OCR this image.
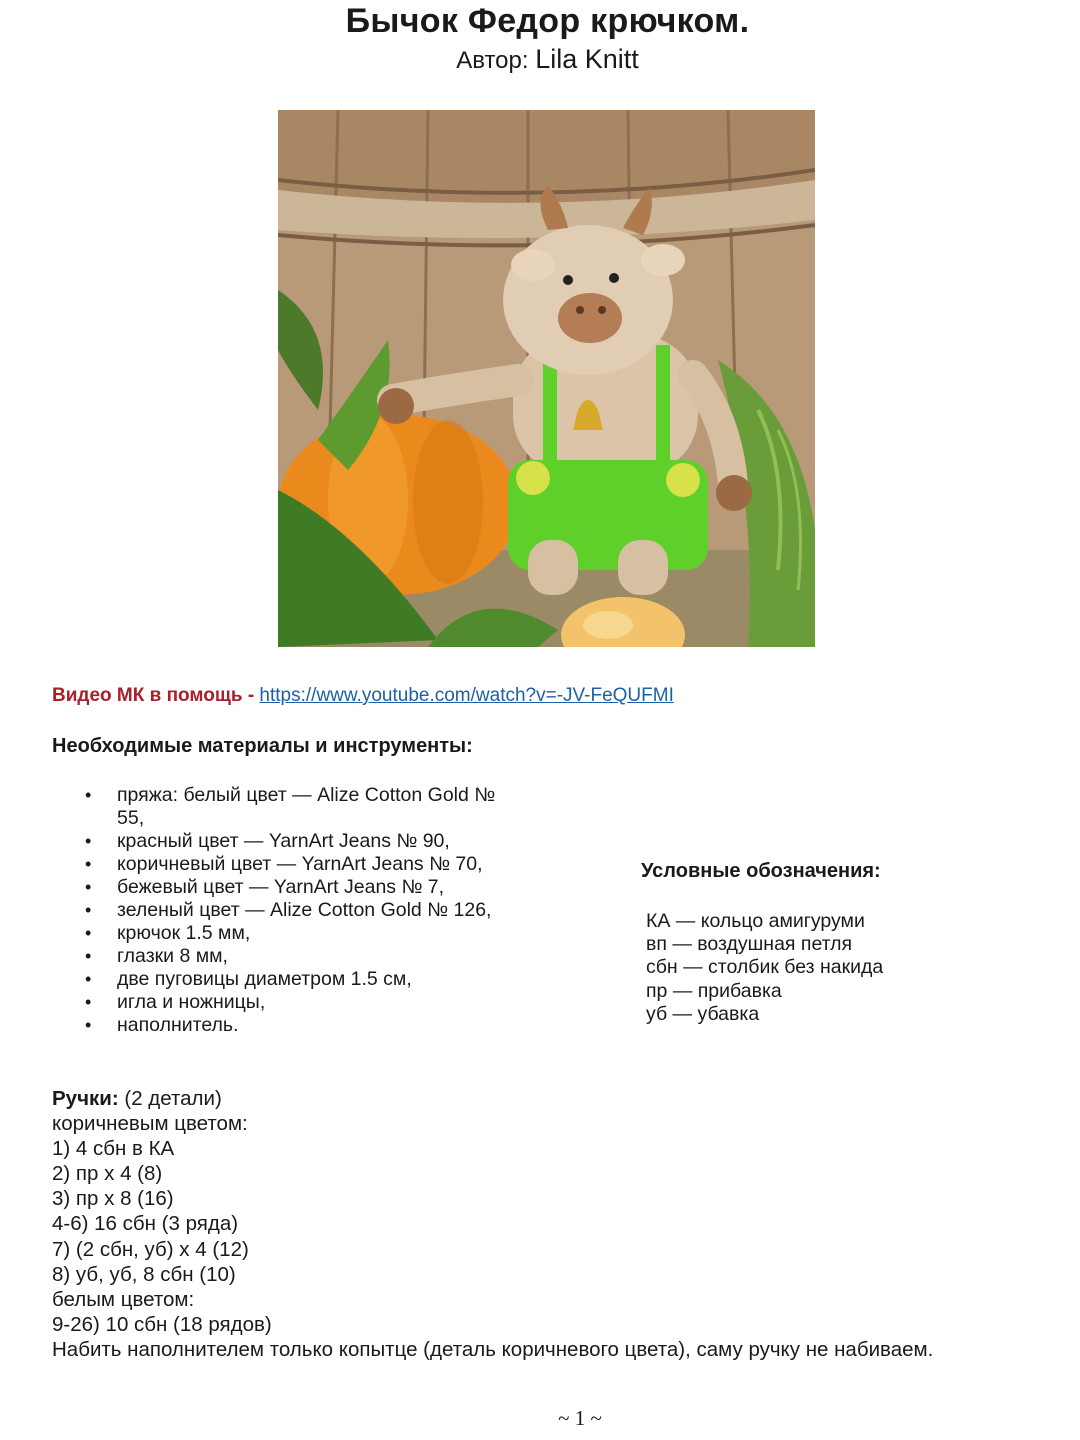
Бычок Федор крючком.
Автор: Lila Knitt
Видео МК в помощь - https://www.youtube.com/watch?v=-JV-FeQUFMI
Необходимые материалы и инструменты:
• пряжа: белый цвет — Alize Cotton Gold № 55,
• красный цвет — YarnArt Jeans № 90,
• коричневый цвет — YarnArt Jeans № 70,
• бежевый цвет — YarnArt Jeans № 7,
• зеленый цвет — Alize Cotton Gold № 126,
• крючок 1.5 мм,
• глазки 8 мм,
• две пуговицы диаметром 1.5 см,
• игла и ножницы,
• наполнитель.
Условные обозначения:
КА — кольцо амигуруми
вп — воздушная петля
сбн — столбик без накида
пр — прибавка
уб — убавка
Ручки: (2 детали)
коричневым цветом:
1) 4 сбн в КА
2) пр х 4 (8)
3) пр х 8 (16)
4-6) 16 сбн (3 ряда)
7) (2 сбн, уб) х 4 (12)
8) уб, уб, 8 сбн (10)
белым цветом:
9-26) 10 сбн (18 рядов)
Набить наполнителем только копытце (деталь коричневого цвета), саму ручку не набиваем.
~ 1 ~
